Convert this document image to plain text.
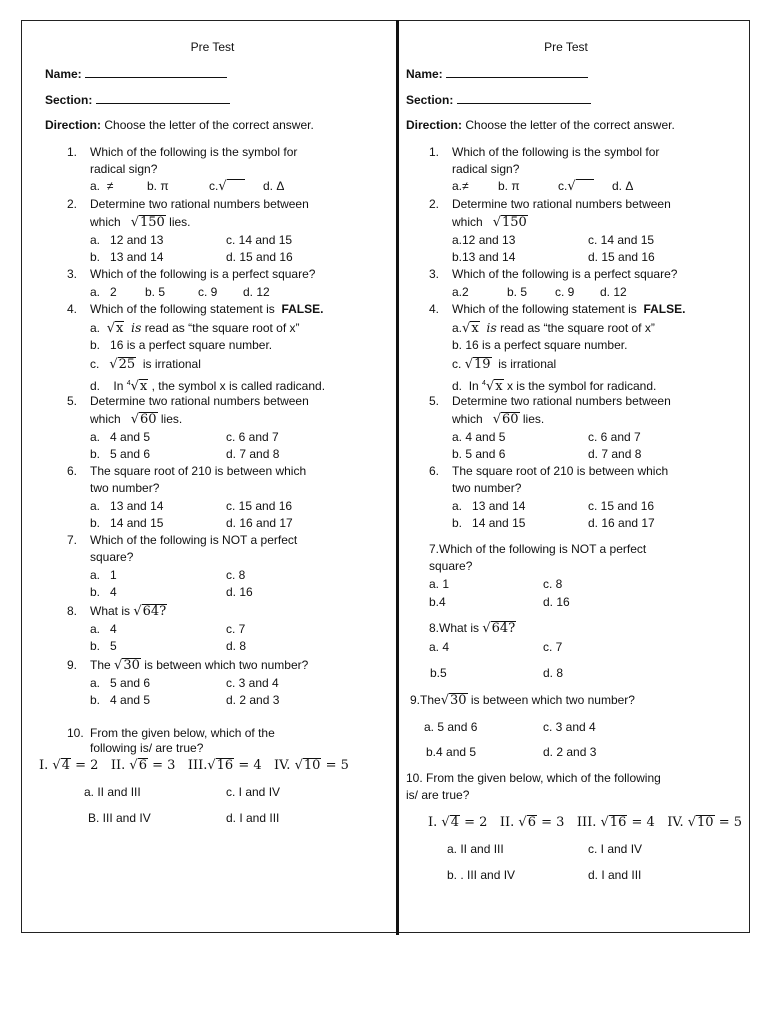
Pre Test
Name:
Section:
Direction: Choose the letter of the correct answer.
1. Which of the following is the symbol for
radical sign?
a. ≠	b. π	c.√	d. Δ
2. Determine two rational numbers between
which √150 lies.
a. 12 and 13	c. 14 and 15
b. 13 and 14	d. 15 and 16
3. Which of the following is a perfect square?
a. 2 b. 5	c. 9 d. 12
4. Which of the following statement is FALSE.
a. √x is read as “the square root of x”
b. 16 is a perfect square number.
c. √25 is irrational
d. In $^4$√x , the symbol x is called radicand.
5. Determine two rational numbers between
which √60 lies.
a. 4 and 5	c. 6 and 7
b. 5 and 6	d. 7 and 8
6. The square root of 210 is between which
two number?
a. 13 and 14	c. 15 and 16
b. 14 and 15	d. 16 and 17
7. Which of the following is NOT a perfect
square?
a. 1	c. 8
b. 4	d. 16
8. What is √64?
a. 4	c. 7
b. 5	d. 8
9. The √30 is between which two number?
a. 5 and 6	c. 3 and 4
b. 4 and 5	d. 2 and 3
10. From the given below, which of the
following is/ are true?
I. √4 = 2 II. √6 = 3 III.√16 = 4 IV. √10 = 5
a. II and III	c. I and IV
B. III and IV	d. I and III
Pre Test
Name:
Section:
Direction: Choose the letter of the correct answer.
1. Which of the following is the symbol for
radical sign?
a.≠ b. π	c.√	d. Δ
2. Determine two rational numbers between
which √150
a.12 and 13	c. 14 and 15
b.13 and 14	d. 15 and 16
3. Which of the following is a perfect square?
a.2	b. 5 c. 9 d. 12
4. Which of the following statement is FALSE.
a.√x is read as “the square root of x”
b. 16 is a perfect square number.
c. √19 is irrational
d. In $^4$√x x is the symbol for radicand.
5. Determine two rational numbers between
which √60 lies.
a. 4 and 5	c. 6 and 7
b. 5 and 6	d. 7 and 8
6. The square root of 210 is between which
two number?
a. 13 and 14	c. 15 and 16
b. 14 and 15	d. 16 and 17
7.Which of the following is NOT a perfect
square?
a. 1	c. 8
b.4	d. 16
8.What is √64?
a. 4	c. 7
b.5	d. 8
9.The√30 is between which two number?
a. 5 and 6	c. 3 and 4
b.4 and 5	d. 2 and 3
10. From the given below, which of the following
is/ are true?
I. √4 = 2 II. √6 = 3 III. √16 = 4 IV. √10 = 5
a. II and III	c. I and IV
b. . III and IV	d. I and III
